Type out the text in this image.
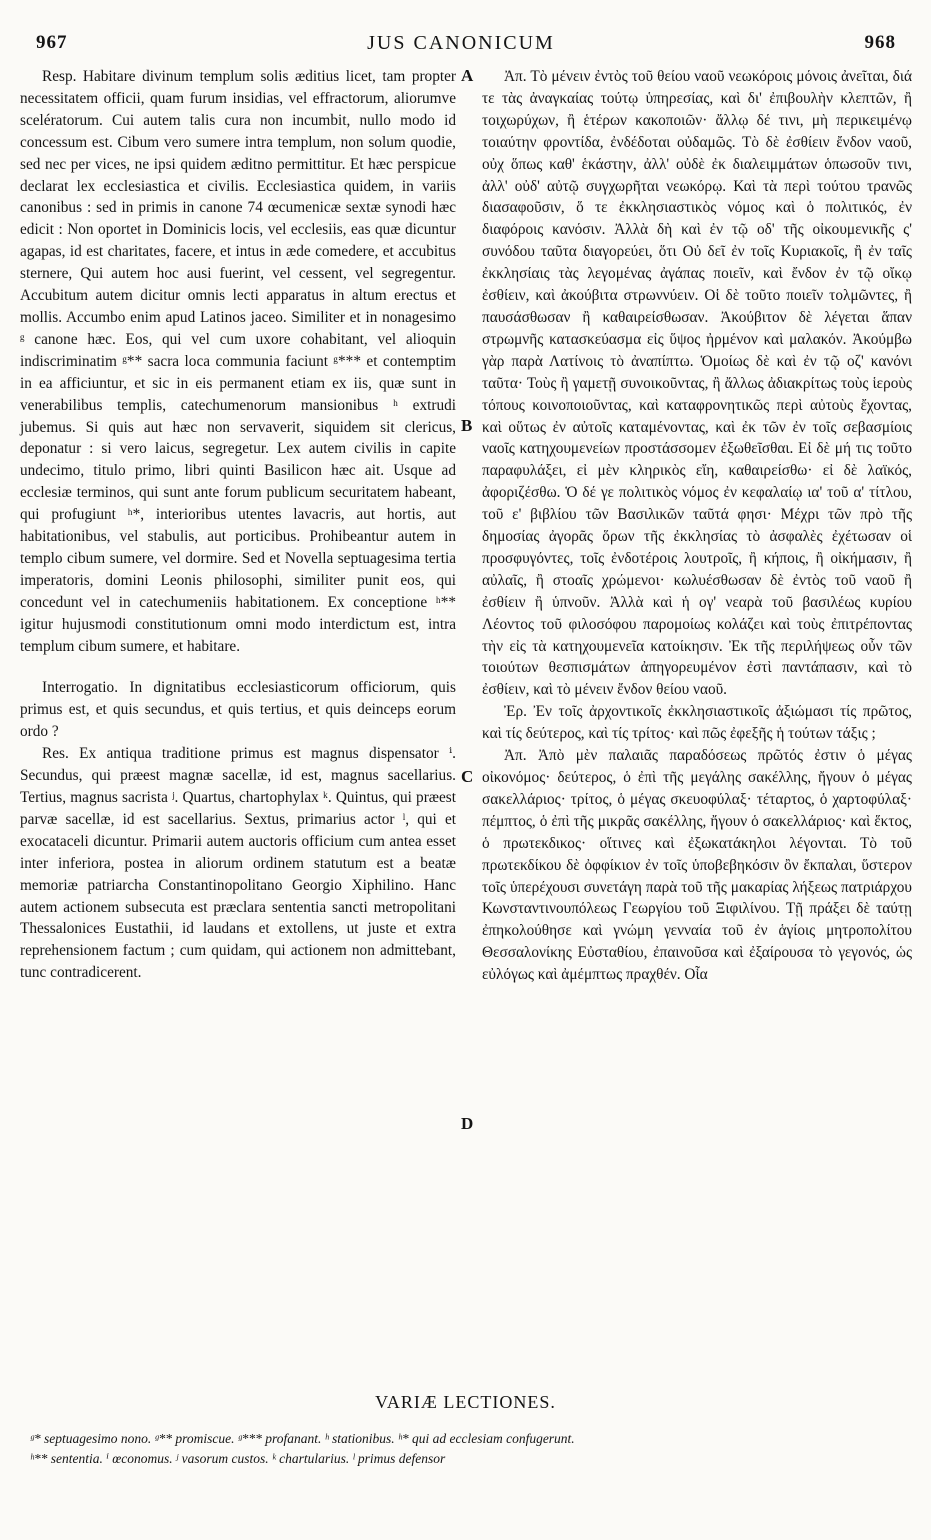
967	JUS CANONICUM	968

Resp. Habitare divinum templum solis æditius licet, tam propter necessitatem officii, quam furum insidias, vel effractorum, aliorumve scelératorum. Cui autem talis cura non incumbit, nullo modo id concessum est. Cibum vero sumere intra templum, non solum quodie, sed nec per vices, ne ipsi quidem æditno permittitur. Et hæc perspicue declarat lex ecclesiastica et civilis. Ecclesiastica quidem, in variis canonibus : sed in primis in canone 74 œcumenicæ sextæ synodi hæc edicit : Non oportet in Dominicis locis, vel ecclesiis, eas quæ dicuntur agapas, id est charitates, facere, et intus in æde comedere, et accubitus sternere, Qui autem hoc ausi fuerint, vel cessent, vel segregentur. Accubitum autem dicitur omnis lecti apparatus in altum erectus et mollis. Accumbo enim apud Latinos jaceo. Similiter et in nonagesimo ᵍ canone hæc. Eos, qui vel cum uxore cohabitant, vel alioquin indiscriminatim ᵍ** sacra loca communia faciunt ᵍ*** et contemptim in ea afficiuntur, et sic in eis permanent etiam ex iis, quæ sunt in venerabilibus templis, catechumenorum mansionibus ʰ extrudi jubemus. Si quis aut hæc non servaverit, siquidem sit clericus, deponatur : si vero laicus, segregetur. Lex autem civilis in capite undecimo, titulo primo, libri quinti Basilicon hæc ait. Usque ad ecclesiæ terminos, qui sunt ante forum publicum securitatem habeant, qui profugiunt ʰ*, interioribus utentes lavacris, aut hortis, aut habitationibus, vel stabulis, aut porticibus. Prohibeantur autem in templo cibum sumere, vel dormire. Sed et Novella septuagesima tertia imperatoris, domini Leonis philosophi, similiter punit eos, qui concedunt vel in catechumeniis habitationem. Ex conceptione ʰ** igitur hujusmodi constitutionum omni modo interdictum est, intra templum cibum sumere, et habitare.

Interrogatio. In dignitatibus ecclesiasticorum officiorum, quis primus est, et quis secundus, et quis tertius, et quis deinceps eorum ordo ?

Res. Ex antiqua traditione primus est magnus dispensator ⁱ. Secundus, qui præest magnæ sacellæ, id est, magnus sacellarius. Tertius, magnus sacrista ʲ. Quartus, chartophylax ᵏ. Quintus, qui præest parvæ sacellæ, id est sacellarius. Sextus, primarius actor ˡ, qui et exocataceli dicuntur. Primarii autem auctoris officium cum antea esset inter inferiora, postea in aliorum ordinem statutum est a beatæ memoriæ patriarcha Constantinopolitano Georgio Xiphilino. Hanc autem actionem subsecuta est præclara sententia sancti metropolitani Thessalonices Eustathii, id laudans et extollens, ut juste et extra reprehensionem factum ; cum quidam, qui actionem non admittebant, tunc contradicerent.

A
B
C
D

Ἀπ. Τὸ μένειν ἐντὸς τοῦ θείου ναοῦ νεωκόροις μόνοις ἀνεῖται, διά τε τὰς ἀναγκαίας τούτῳ ὑπηρεσίας, καὶ δι' ἐπιβουλὴν κλεπτῶν, ἢ τοιχωρύχων, ἢ ἑτέρων κακοποιῶν· ἄλλῳ δέ τινι, μὴ περικειμένῳ τοιαύτην φροντίδα, ἐνδέδοται οὐδαμῶς. Τὸ δὲ ἐσθίειν ἔνδον ναοῦ, οὐχ ὅπως καθ' ἑκάστην, ἀλλ' οὐδὲ ἐκ διαλειμμάτων ὁπωσοῦν τινι, ἀλλ' οὐδ' αὐτῷ συγχωρῆται νεωκόρῳ. Καὶ τὰ περὶ τούτου τρανῶς διασαφοῦσιν, ὅ τε ἐκκλησιαστικὸς νόμος καὶ ὁ πολιτικός, ἐν διαφόροις κανόσιν. Ἀλλὰ δὴ καὶ ἐν τῷ οδ' τῆς οἰκουμενικῆς ς' συνόδου ταῦτα διαγορεύει, ὅτι Οὐ δεῖ ἐν τοῖς Κυριακοῖς, ἢ ἐν ταῖς ἐκκλησίαις τὰς λεγομένας ἀγάπας ποιεῖν, καὶ ἔνδον ἐν τῷ οἴκῳ ἐσθίειν, καὶ ἀκούβιτα στρωννύειν. Οἱ δὲ τοῦτο ποιεῖν τολμῶντες, ἢ παυσάσθωσαν ἢ καθαιρείσθωσαν. Ἀκούβιτον δὲ λέγεται ἅπαν στρωμνῆς κατασκεύασμα εἰς ὕψος ἠρμένον καὶ μαλακόν. Ἀκούμβω γὰρ παρὰ Λατίνοις τὸ ἀναπίπτω. Ὁμοίως δὲ καὶ ἐν τῷ οζ' κανόνι ταῦτα· Τοὺς ἢ γαμετῇ συνοικοῦντας, ἢ ἄλλως ἀδιακρίτως τοὺς ἱεροὺς τόπους κοινοποιοῦντας, καὶ καταφρονητικῶς περὶ αὐτοὺς ἔχοντας, καὶ οὕτως ἐν αὐτοῖς καταμένοντας, καὶ ἐκ τῶν ἐν τοῖς σεβασμίοις ναοῖς κατηχουμενείων προστάσσομεν ἐξωθεῖσθαι. Εἰ δὲ μή τις τοῦτο παραφυλάξει, εἰ μὲν κληρικὸς εἴη, καθαιρείσθω· εἰ δὲ λαϊκός, ἀφοριζέσθω. Ὁ δέ γε πολιτικὸς νόμος ἐν κεφαλαίῳ ια' τοῦ α' τίτλου, τοῦ ε' βιβλίου τῶν Βασιλικῶν ταῦτά φησι· Μέχρι τῶν πρὸ τῆς δημοσίας ἀγορᾶς ὅρων τῆς ἐκκλησίας τὸ ἀσφαλὲς ἐχέτωσαν οἱ προσφυγόντες, τοῖς ἐνδοτέροις λουτροῖς, ἢ κήποις, ἢ οἰκήμασιν, ἢ αὐλαῖς, ἢ στοαῖς χρώμενοι· κωλυέσθωσαν δὲ ἐντὸς τοῦ ναοῦ ἢ ἐσθίειν ἢ ὑπνοῦν. Ἀλλὰ καὶ ἡ ογ' νεαρὰ τοῦ βασιλέως κυρίου Λέοντος τοῦ φιλοσόφου παρομοίως κολάζει καὶ τοὺς ἐπιτρέποντας τὴν εἰς τὰ κατηχουμενεῖα κατοίκησιν. Ἐκ τῆς περιλήψεως οὖν τῶν τοιούτων θεσπισμάτων ἀπηγορευμένον ἐστὶ παντάπασιν, καὶ τὸ ἐσθίειν, καὶ τὸ μένειν ἔνδον θείου ναοῦ.

Ἐρ. Ἐν τοῖς ἀρχοντικοῖς ἐκκλησιαστικοῖς ἀξιώμασι τίς πρῶτος, καὶ τίς δεύτερος, καὶ τίς τρίτος· καὶ πῶς ἐφεξῆς ἡ τούτων τάξις ;

Ἀπ. Ἀπὸ μὲν παλαιᾶς παραδόσεως πρῶτός ἐστιν ὁ μέγας οἰκονόμος· δεύτερος, ὁ ἐπὶ τῆς μεγάλης σακέλλης, ἤγουν ὁ μέγας σακελλάριος· τρίτος, ὁ μέγας σκευοφύλαξ· τέταρτος, ὁ χαρτοφύλαξ· πέμπτος, ὁ ἐπὶ τῆς μικρᾶς σακέλλης, ἤγουν ὁ σακελλάριος· καὶ ἕκτος, ὁ πρωτεκδικος· οἵτινες καὶ ἐξωκατάκηλοι λέγονται. Τὸ τοῦ πρωτεκδίκου δὲ ὀφφίκιον ἐν τοῖς ὑποβεβηκόσιν ὂν ἔκπαλαι, ὕστερον τοῖς ὑπερέχουσι συνετάγη παρὰ τοῦ τῆς μακαρίας λήξεως πατριάρχου Κωνσταντινουπόλεως Γεωργίου τοῦ Ξιφιλίνου. Τῇ πράξει δὲ ταύτῃ ἐπηκολούθησε καὶ γνώμη γενναία τοῦ ἐν ἁγίοις μητροπολίτου Θεσσαλονίκης Εὐσταθίου, ἐπαινοῦσα καὶ ἐξαίρουσα τὸ γεγονός, ὡς εὐλόγως καὶ ἀμέμπτως πραχθέν. Οἷα

VARIÆ LECTIONES.
ᵍ* septuagesimo nono. ᵍ** promiscue. ᵍ*** profanant. ʰ stationibus. ʰ* qui ad ecclesiam confugerunt.
ʰ** sententia. ⁱ œconomus. ʲ vasorum custos. ᵏ chartularius. ˡ primus defensor
